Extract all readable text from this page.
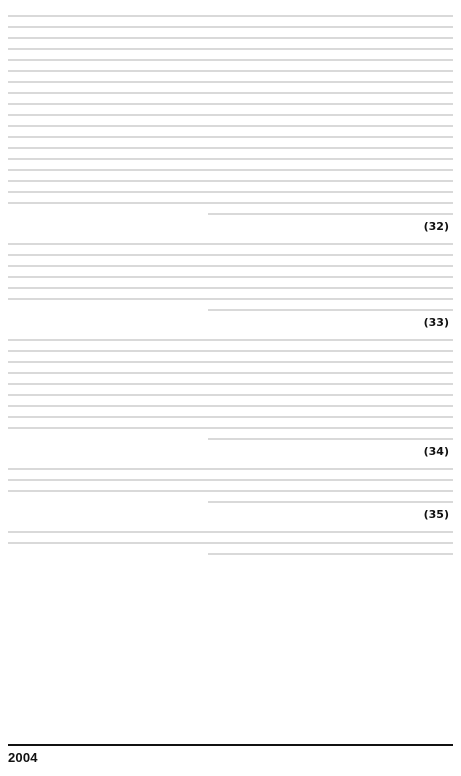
(32)
(33)
(34)
(35)
2004
